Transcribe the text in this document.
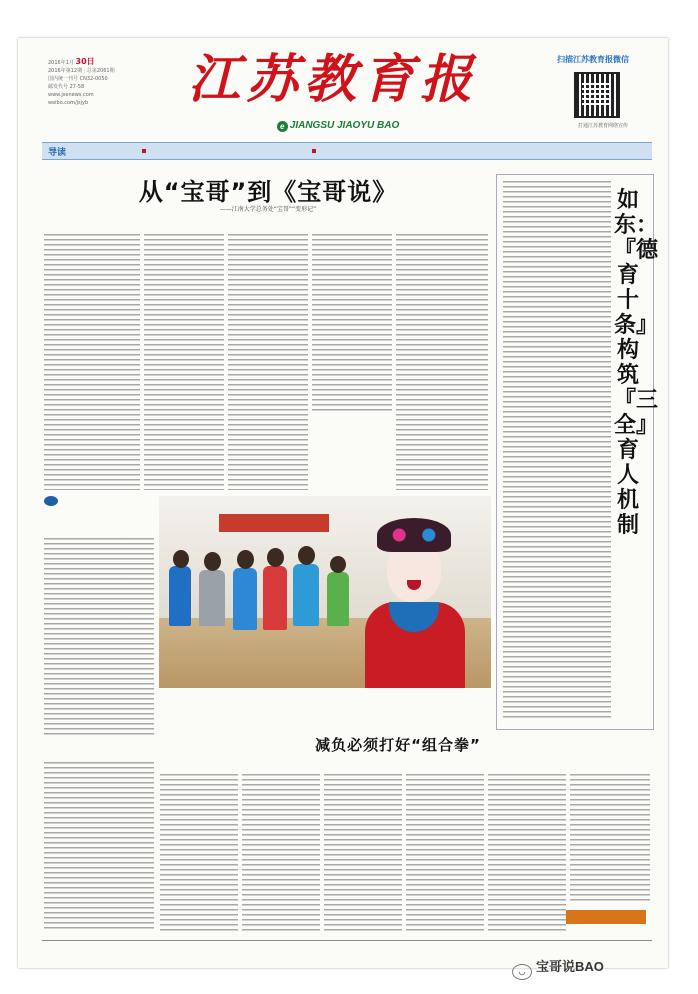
2016年1月 30日
2016年第12期 · 总第2061期
国内统一刊号 CN32-0050
邮发代号 27-58
www.jsenews.com
weibo.com/jsjyb	江苏教育报
e JIANGSU JIAOYU BAO
扫描江苏教育报微信
打通江苏教育网络宣传
导读
从“宝哥”到《宝哥说》
——江南大学总务处“宝哥”“变形记”	如东：『德育十条』构筑『三全』育人机制
减负必须打好“组合拳”
◡ 宝哥说BAO
